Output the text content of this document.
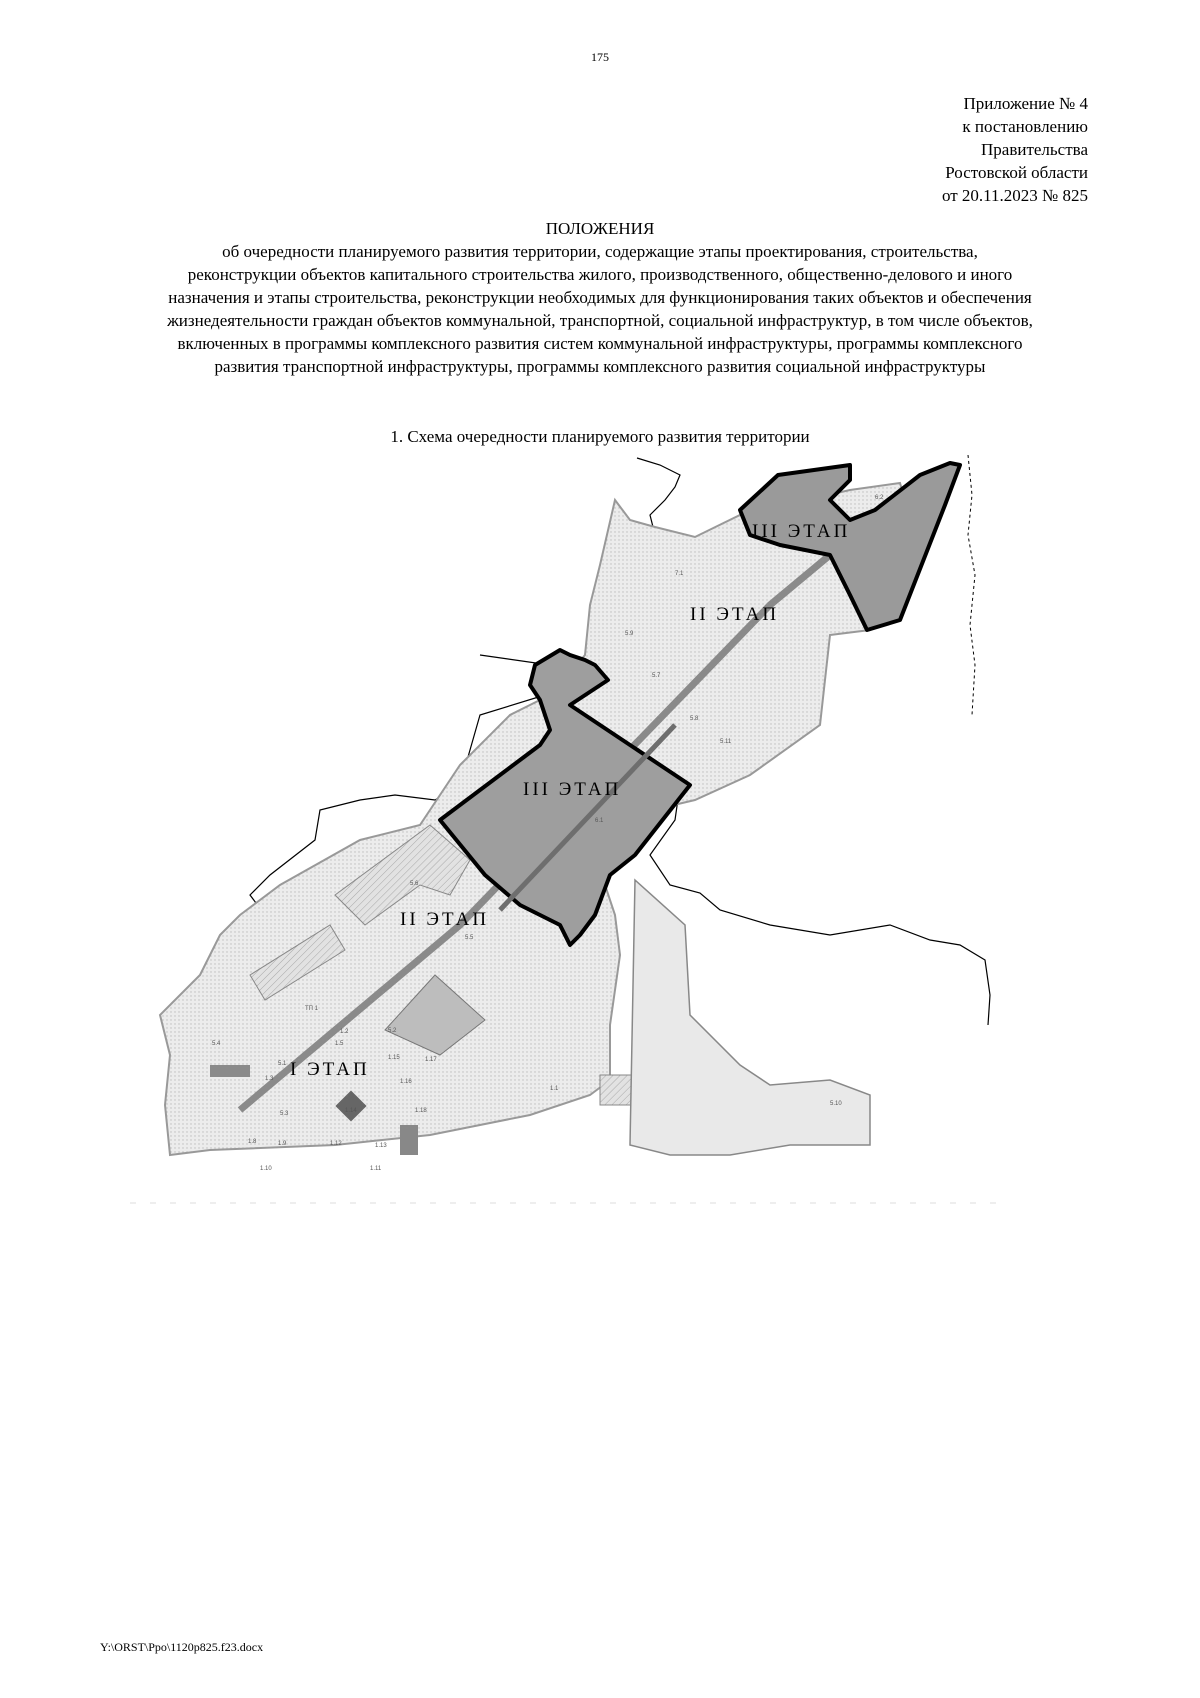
175
Приложение № 4
к постановлению
Правительства
Ростовской области
от 20.11.2023 № 825
ПОЛОЖЕНИЯ
об очередности планируемого развития территории, содержащие этапы проектирования, строительства,
реконструкции объектов капитального строительства жилого, производственного, общественно-делового и иного
назначения и этапы строительства, реконструкции необходимых для функционирования таких объектов и обеспечения
жизнедеятельности граждан объектов коммунальной, транспортной, социальной инфраструктур, в том числе объектов,
включенных в программы комплексного развития систем коммунальной инфраструктуры, программы комплексного
развития транспортной инфраструктуры, программы комплексного развития социальной инфраструктуры
1. Схема очередности планируемого развития территории
III ЭТАП
II ЭТАП
III ЭТАП
II ЭТАП
I ЭТАП
1.1
1.2
1.3
1.5
1.8	1.9
1.10	1.11
1.12	1.13
1.14
1.15
1.16
1.17
1.18
5.1
5.2
5.3
5.4
5.5
5.6
5.7
5.8
5.9
5.10
5.11
6.1
6.2
7.1
ТП 1
Y:\ORST\Ppo\1120p825.f23.docx
